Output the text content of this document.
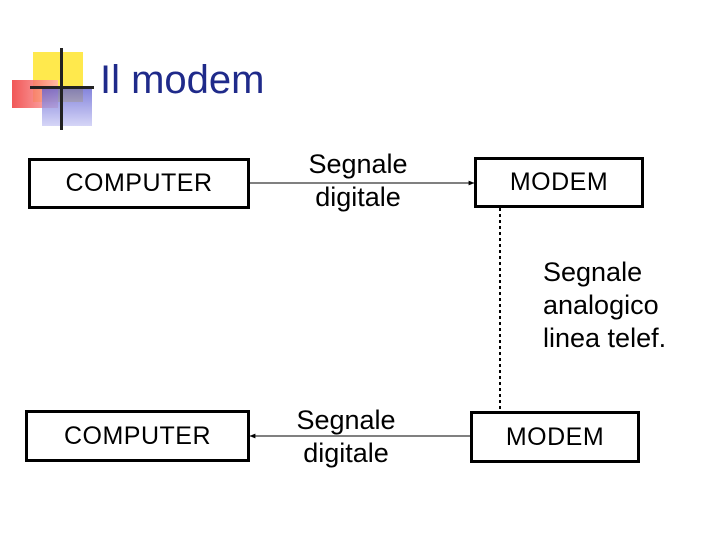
Il modem
COMPUTER
Segnale
digitale	MODEM
Segnale
analogico
linea telef.
COMPUTER
Segnale
digitale
MODEM
